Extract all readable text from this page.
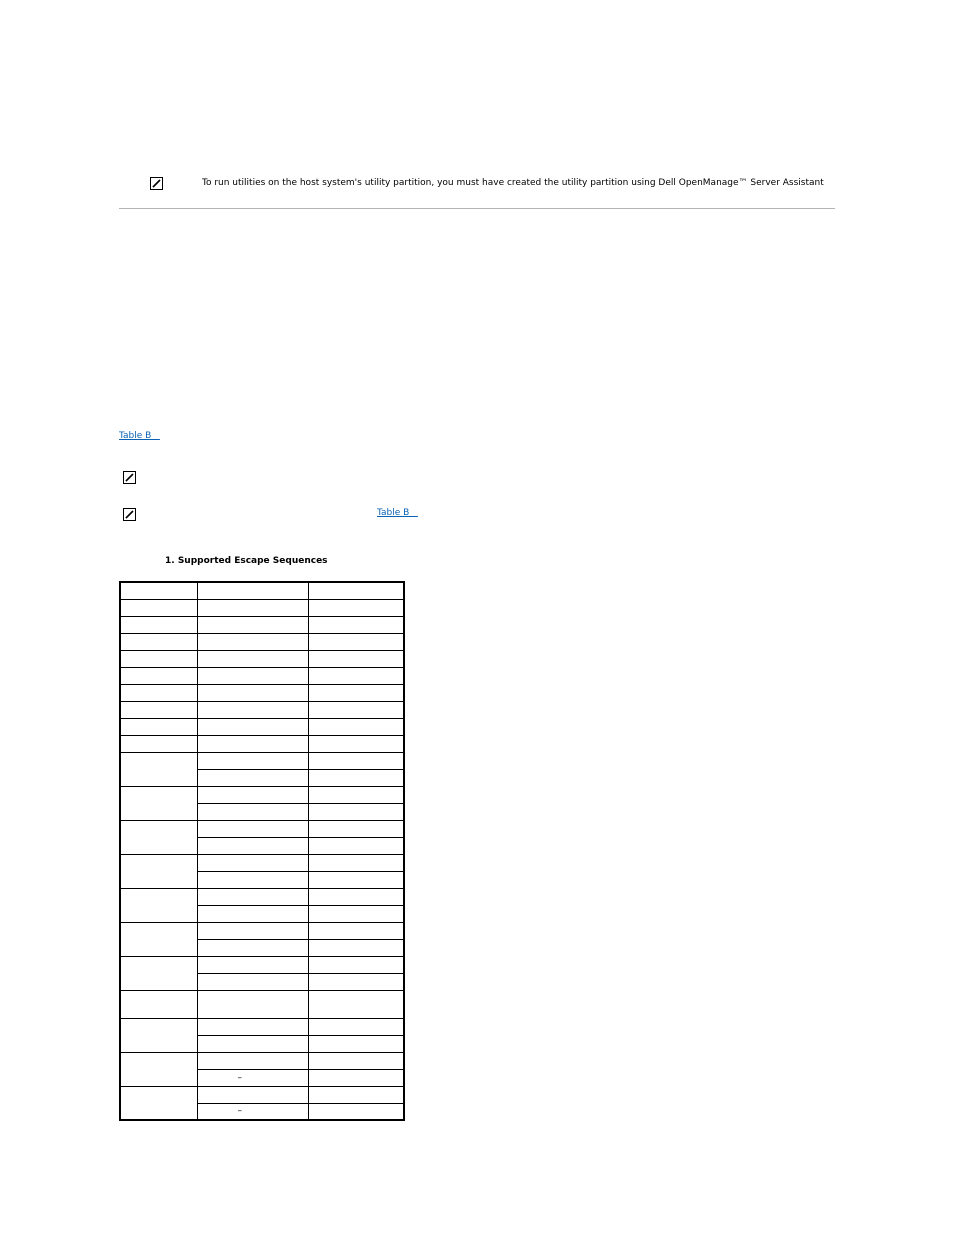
To run utilities on the host system's utility partition, you must have created the utility partition using Dell OpenManage™ Server Assistant
Table B
Table B
1. Supported Escape Sequences

	–	

	–	
